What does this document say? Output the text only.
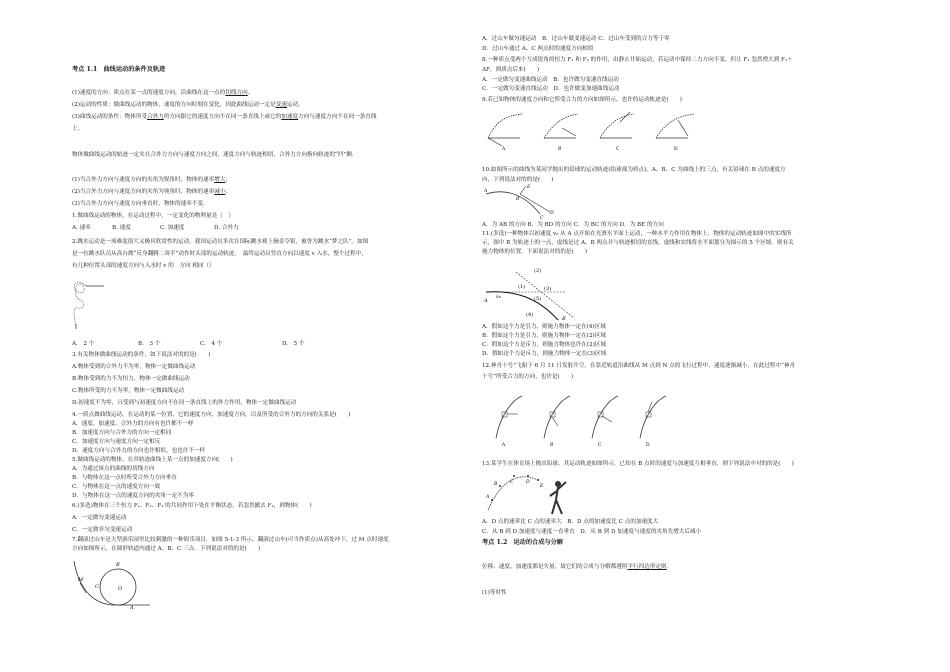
考点 1.1　曲线运动的条件及轨迹
(1)速度的方向：质点在某一点的速度方向，沿曲线在这一点的切线方向。
(2)运动的性质：做曲线运动的物体，速度的方向时刻在变化，因此曲线运动一定是变速运动。
(3)曲线运动的条件：物体所受合外力的方向跟它的速度方向不在同一条直线上或它的加速度方向与速度方向不在同一条直线
上。
物体做曲线运动的轨迹一定夹在合外力方向与速度方向之间，速度方向与轨迹相切，合外力方向指向轨迹的“凹”侧.
(1)当合外力方向与速度方向的夹角为锐角时，物体的速率增大；
(2)当合外力方向与速度方向的夹角为钝角时，物体的速率减小；
(3)当合外力方向与速度方向垂直时，物体的速率不变.
1.做曲线运动的物体，在运动过程中，一定变化的物理量是（　）
A. 速率	B. 速度	C. 加速度	D. 合外力
2.跳水运动是一项难度很大又极具欣赏性的运动，我国运动员多次在国际跳水赛上摘金夺银，被誉为跳水“梦之队”。如图
是一位跳水队员从高台做“反身翻腾二周半”动作时头部的运动轨迹，　最终运动员竖直方向以速度 v 入水，整个过程中，
有几种位置头部的速度方向与入水时 v 的　方向 相同（）
A.　2 个	B.　3 个	C.　4 个	D.　5 个
3.有关物体做曲线运动的条件，如下说法对的的是(　　)
A.物体受到的合外力不为零，物体一定做曲线运动
B.物体受到的力不为恒力，物体一定做曲线运动
C.物体所受的力不为零，物体一定做曲线运动
D.初速度不为零，且受到与初速度方向不在同一条直线上的外力作用，物体一定做曲线运动
4.一质点做曲线运动，在运动的某一位置，它的速度方向、加速度方向，以及所受的合外力的方向的关系是(　　)
A．速度、加速度、合外力的方向有也许都不一样
B．加速度方向与合外力的方向一定相同
C．加速度方向与速度方向一定相反
D．速度方向与合外力的方向也许相似，也也许不一样
5.做曲线运动的物体，在其轨迹曲线上某一点的加速度方向(　　)
A．为通过该点的曲线的切线方向
B．与物体在这一点时所受合外力方向垂直
C．与物体在这一点的速度方向一致
D．与物体在这一点的速度方向的夹角一定不为零
6.(多选)物体在三个恒力 F₁、F₂、F₃ 的共同作用下处在平衡状态，若忽然撤去 F₁，则物体(　　)
A．一定做匀变速运动
C．一定做非匀变速运动
7.翻滚过山车是大型游乐园里比较刺激的一种娱乐项目．如图 5-1-3 所示，翻滚过山车(可当作质点)从高处冲下，过 M 点时速度
方向如图所示，在圆形轨道内通过 A、B、C 三点．下列说法对的的是(　　)
B
C
A
M
O
A．过山车做匀速运动　B．过山车做变速运动 C．过山车受到的合力等于零
D．过山车通过 A、C 两点时的速度方向相似
8.一种质点受两个互成锐角的恒力 F₁ 和 F₂ 的作用，由静止开始运动，若运动中保持二力方向不变，但让 F₁ 忽然增大到 F₁＋
ΔF，则质点后来(　　)
A．一定做匀变速曲线运动　B．也许做匀变速直线运动
C．一定做匀变速直线运动　D．也许做变加速曲线运动
9.若已知物体的速度方向和它所受合力的方向如图所示，也许的运动轨迹是(　　)
A	B	C	D
10.如图所示的曲线为某同学抛出的铅球的运动轨迹(铅球视为质点)，A、B、C 为曲线上的三点，有关铅球在 B 点的速度方
向，下列说法对的的是(　　)
A
B
C
D
E
A．为 AB 的方向 B．为 BD 的方向 C．为 BC 的方向 D．为 BE 的方向
11.(多选)一种物体以初速度 v₀ 从 A 点开始在光滑水平面上运动，一种水平力作用在物体上，物体的运动轨迹如图中的实线所
示，图中 B 为轨迹上的一点，虚线是过 A、B 两点并与轨迹相切的直线，虚线和实线将水平面划分为图示的 5 个区域．则有关
施力物体的位置，下面说法对的的是(　　)
(2)
(1)	(3)
(5)
(4)
v₀
A
B
A．假如这个力是引力，则施力物体一定在(4)区域
B．假如这个力是引力，则施力物体一定在(2)区域
C．假如这个力是斥力，则施力物体也许在(2)区域
D．假如这个力是斥力，则施力物体一定在(3)区域
12.神舟十号”飞船于 6 月 11 日发射升空，在靠近轨道沿曲线从 M 点到 N 点的飞行过程中，速度逐渐减小，在此过程中“神舟
十号”所受合力的方向，也许是(　　)
A	B	C	D
13.某学生在体育场上抛出铅球，其运动轨迹如图所示．已知在 B 点时的速度与加速度互相垂直，则下列说法中对的的是(　　)
A
B	C	D
E
A．D 点的速率比 C 点的速率大　B．D 点的加速度比 C 点的加速度大
C．从 B 到 D 加速度与速度一直垂直　D．从 B 到 D 加速度与速度的夹角先增大后减小
考点 1.2　运动的合成与分解
位移、速度、加速度都是矢量，故它们的合成与分解都遵照平行四边形定则。
(1)等时性
